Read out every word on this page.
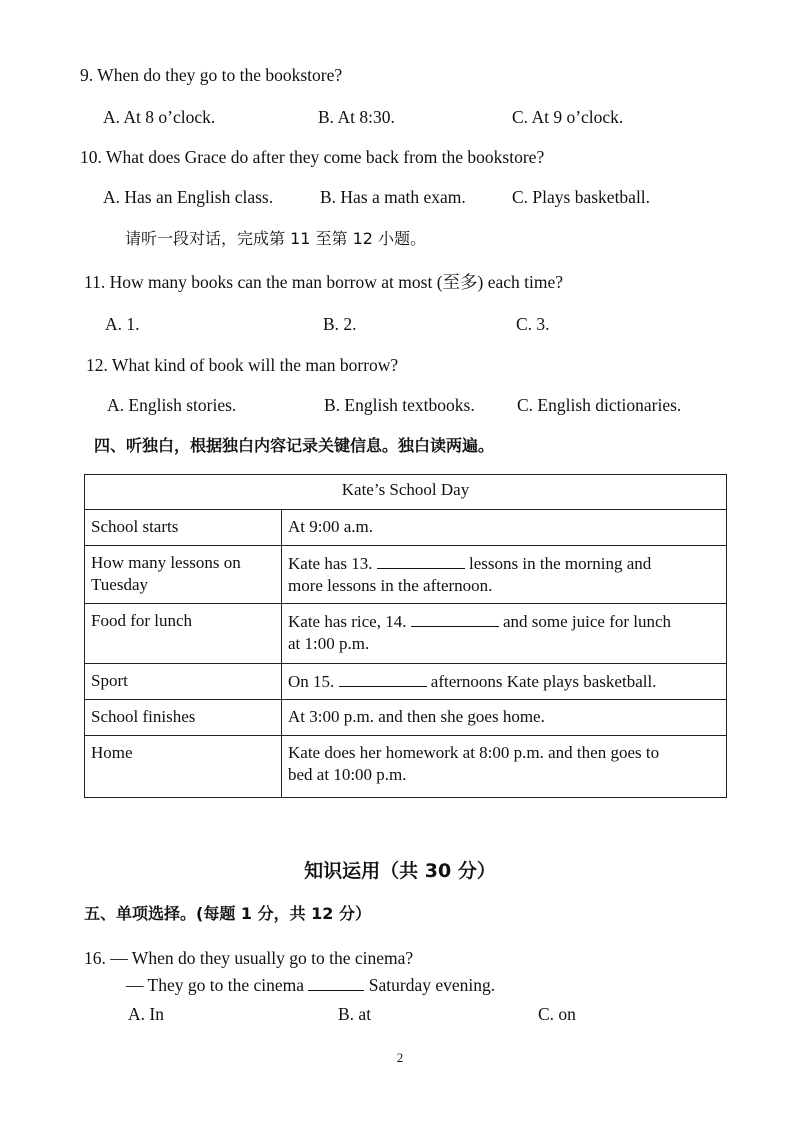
9. When do they go to the bookstore?
A. At 8 o’clock.	B. At 8:30.	C. At 9 o’clock.
10. What does Grace do after they come back from the bookstore?
A. Has an English class.	B. Has a math exam.	C. Plays basketball.
请听一段对话，完成第 11 至第 12 小题。
11. How many books can the man borrow at most (至多) each time?
A. 1.	B. 2.	C. 3.
12. What kind of book will the man borrow?
A. English stories.	B. English textbooks. C. English dictionaries.
四、听独白，根据独白内容记录关键信息。独白读两遍。
Kate’s School Day	
School starts	At 9:00 a.m.
How many lessons on Tuesday	Kate has 13. lessons in the morning and
more lessons in the afternoon.
Food for lunch	Kate has rice, 14. and some juice for lunch
at 1:00 p.m.
Sport	On 15. afternoons Kate plays basketball.
School finishes	At 3:00 p.m. and then she goes home.
Home	Kate does her homework at 8:00 p.m. and then goes to
bed at 10:00 p.m.
知识运用（共 30 分）
五、单项选择。(每题 1 分，共 12 分）
16. — When do they usually go to the cinema?
— They go to the cinema	Saturday evening.
A. In	B. at	C. on
2
